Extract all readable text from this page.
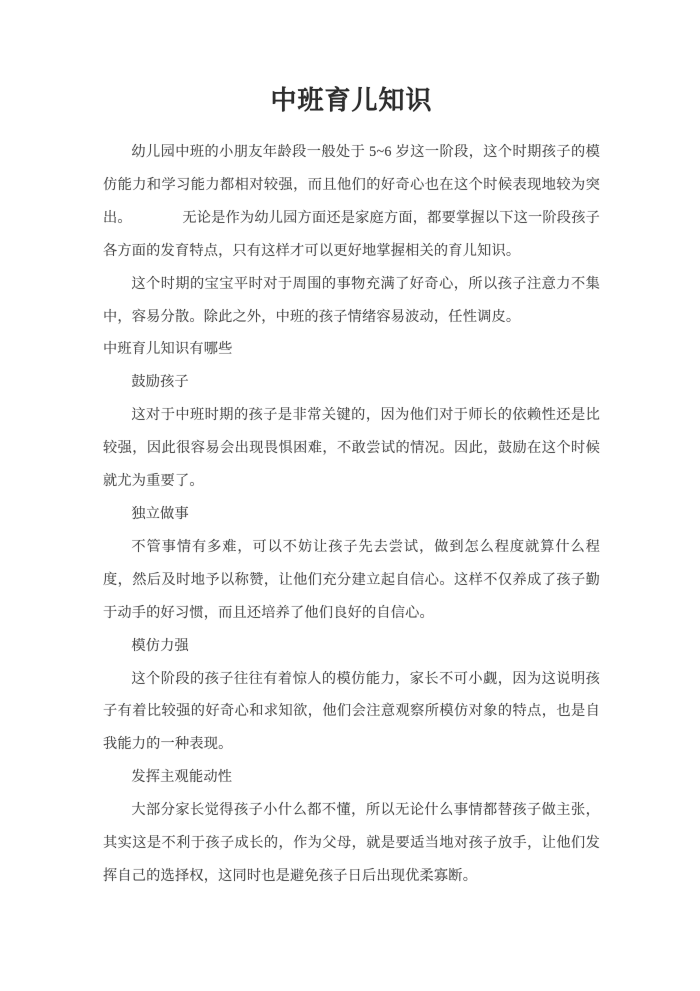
中班育儿知识

幼儿园中班的小朋友年龄段一般处于 5~6 岁这一阶段，这个时期孩子的模仿能力和学习能力都相对较强，而且他们的好奇心也在这个时候表现地较为突出。　　　　无论是作为幼儿园方面还是家庭方面，都要掌握以下这一阶段孩子各方面的发育特点，只有这样才可以更好地掌握相关的育儿知识。

这个时期的宝宝平时对于周围的事物充满了好奇心，所以孩子注意力不集中，容易分散。除此之外，中班的孩子情绪容易波动，任性调皮。

中班育儿知识有哪些

鼓励孩子

这对于中班时期的孩子是非常关键的，因为他们对于师长的依赖性还是比较强，因此很容易会出现畏惧困难，不敢尝试的情况。因此，鼓励在这个时候就尤为重要了。

独立做事

不管事情有多难，可以不妨让孩子先去尝试，做到怎么程度就算什么程度，然后及时地予以称赞，让他们充分建立起自信心。这样不仅养成了孩子勤于动手的好习惯，而且还培养了他们良好的自信心。

模仿力强

这个阶段的孩子往往有着惊人的模仿能力，家长不可小觑，因为这说明孩子有着比较强的好奇心和求知欲，他们会注意观察所模仿对象的特点，也是自我能力的一种表现。

发挥主观能动性

大部分家长觉得孩子小什么都不懂，所以无论什么事情都替孩子做主张，其实这是不利于孩子成长的，作为父母，就是要适当地对孩子放手，让他们发挥自己的选择权，这同时也是避免孩子日后出现优柔寡断。
